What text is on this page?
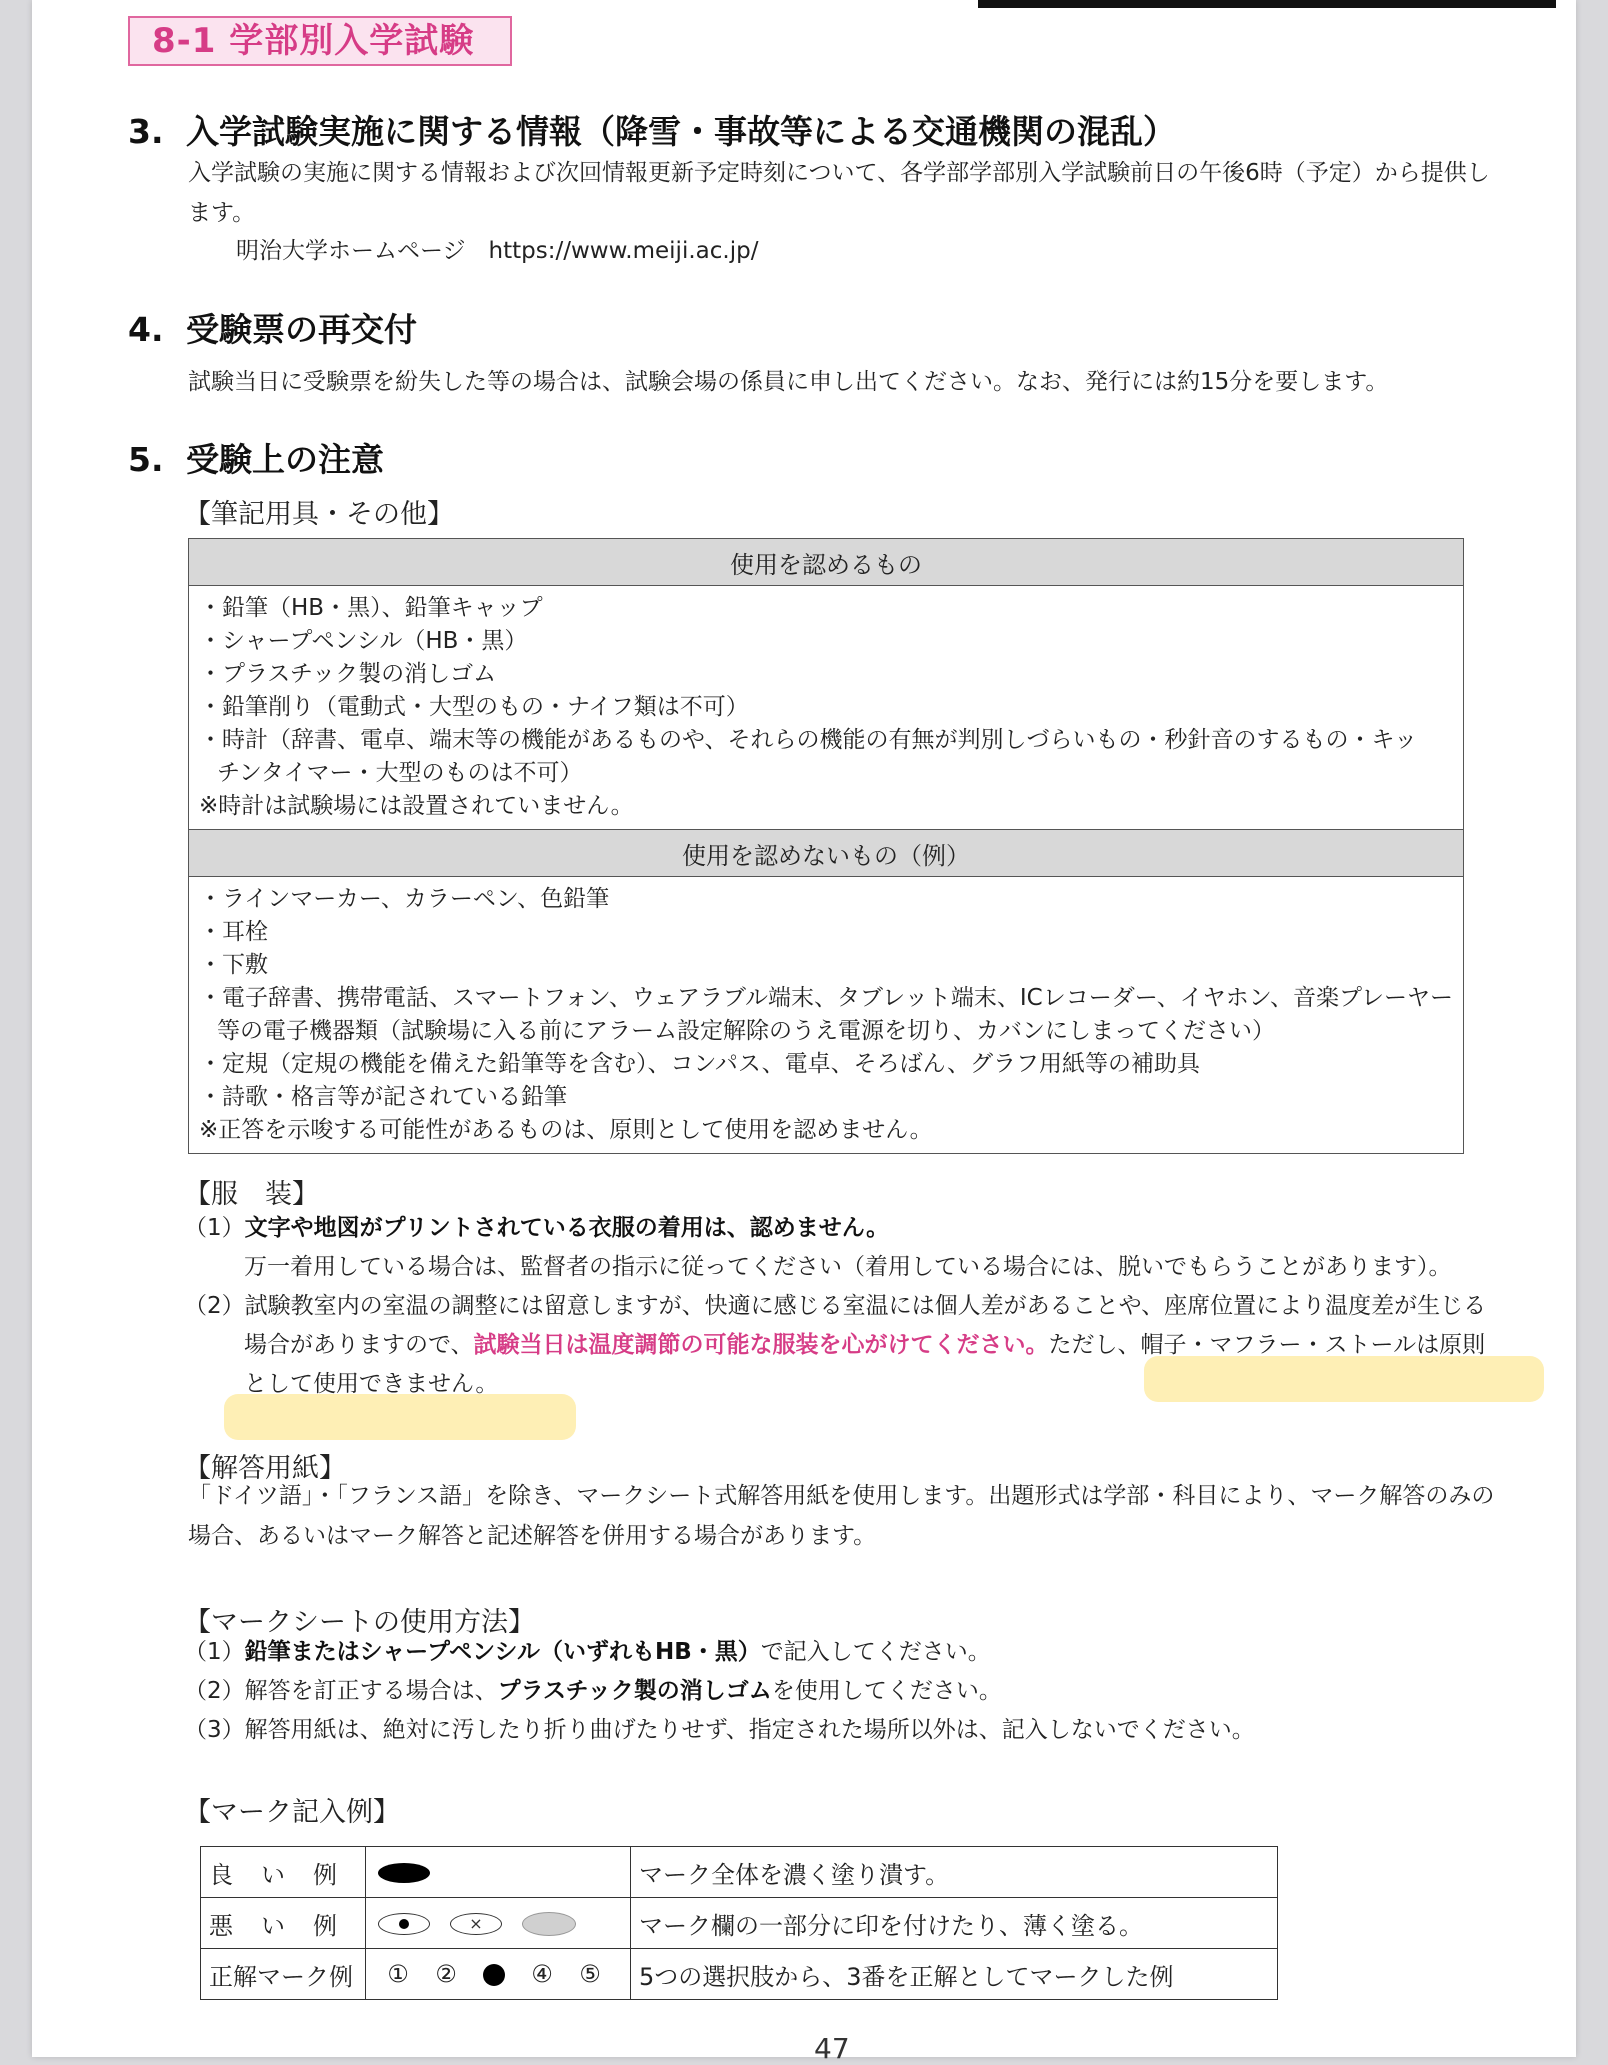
8-1 学部別入学試験
3. 入学試験実施に関する情報（降雪・事故等による交通機関の混乱）
入学試験の実施に関する情報および次回情報更新予定時刻について、各学部学部別入学試験前日の午後6時（予定）から提供し
ます。
明治大学ホームページ　https://www.meiji.ac.jp/
4. 受験票の再交付
試験当日に受験票を紛失した等の場合は、試験会場の係員に申し出てください。なお、発行には約15分を要します。
5. 受験上の注意
【筆記用具・その他】
使用を認めるもの

・鉛筆（HB・黒）、鉛筆キャップ
・シャープペンシル（HB・黒）
・プラスチック製の消しゴム
・鉛筆削り（電動式・大型のもの・ナイフ類は不可）
・時計（辞書、電卓、端末等の機能があるものや、それらの機能の有無が判別しづらいもの・秒針音のするもの・キッ
チンタイマー・大型のものは不可）
※時計は試験場には設置されていません。

使用を認めないもの（例）

・ラインマーカー、カラーペン、色鉛筆
・耳栓
・下敷
・電子辞書、携帯電話、スマートフォン、ウェアラブル端末、タブレット端末、ICレコーダー、イヤホン、音楽プレーヤー
等の電子機器類（試験場に入る前にアラーム設定解除のうえ電源を切り、カバンにしまってください）
・定規（定規の機能を備えた鉛筆等を含む）、コンパス、電卓、そろばん、グラフ用紙等の補助具
・詩歌・格言等が記されている鉛筆
※正答を示唆する可能性があるものは、原則として使用を認めません。
【服　装】
（1）文字や地図がプリントされている衣服の着用は、認めません。
万一着用している場合は、監督者の指示に従ってください（着用している場合には、脱いでもらうことがあります）。
（2）試験教室内の室温の調整には留意しますが、快適に感じる室温には個人差があることや、座席位置により温度差が生じる
場合がありますので、試験当日は温度調節の可能な服装を心がけてください。ただし、帽子・マフラー・ストールは原則
として使用できません。
【解答用紙】
「ドイツ語」・「フランス語」を除き、マークシート式解答用紙を使用します。出題形式は学部・科目により、マーク解答のみの
場合、あるいはマーク解答と記述解答を併用する場合があります。
【マークシートの使用方法】
（1）鉛筆またはシャープペンシル（いずれもHB・黒）で記入してください。
（2）解答を訂正する場合は、プラスチック製の消しゴムを使用してください。
（3）解答用紙は、絶対に汚したり折り曲げたりせず、指定された場所以外は、記入しないでください。
【マーク記入例】
良　い　例		マーク全体を濃く塗り潰す。
悪　い　例	×	マーク欄の一部分に印を付けたり、薄く塗る。
正解マーク例	① ② ④ ⑤	5つの選択肢から、3番を正解としてマークした例
47
